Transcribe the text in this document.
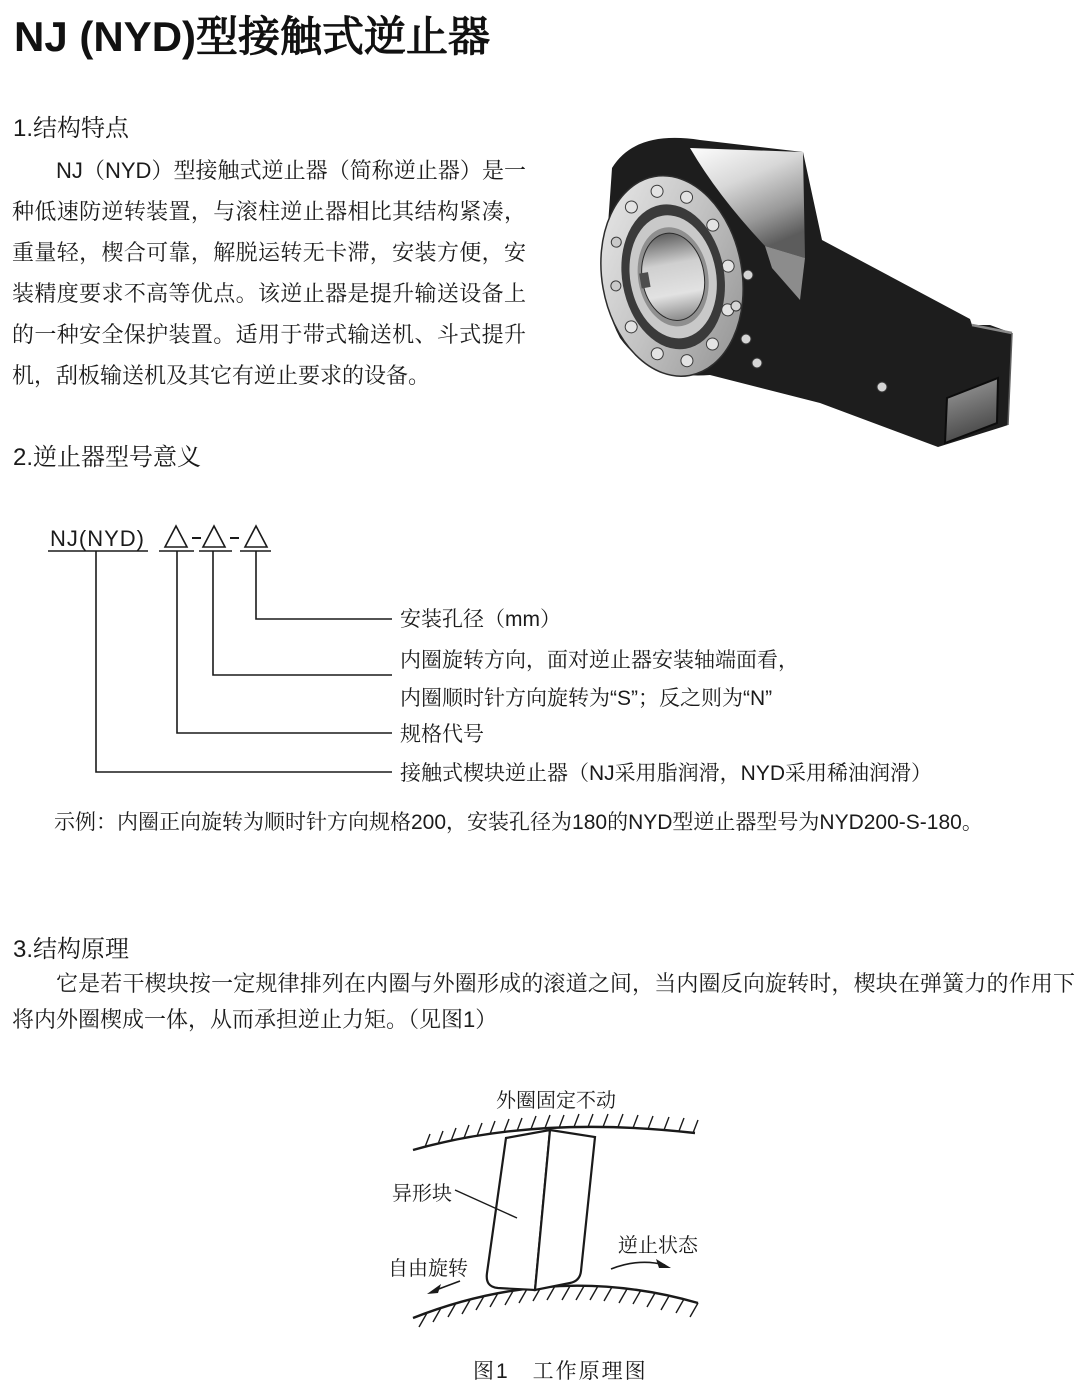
NJ (NYD)型接触式逆止器
1.结构特点

NJ（NYD）型接触式逆止器（简称逆止器）是一种低速防逆转装置，与滚柱逆止器相比其结构紧凑，重量轻，楔合可靠，解脱运转无卡滞，安装方便，安装精度要求不高等优点。该逆止器是提升输送设备上的一种安全保护装置。适用于带式输送机、斗式提升机，刮板输送机及其它有逆止要求的设备。

2.逆止器型号意义
NJ(NYD)
安装孔径（mm）
内圈旋转方向，面对逆止器安装轴端面看，
内圈顺时针方向旋转为“S”；反之则为“N”
规格代号
接触式楔块逆止器（NJ采用脂润滑，NYD采用稀油润滑）

示例：内圈正向旋转为顺时针方向规格200，安装孔径为180的NYD型逆止器型号为NYD200-S-180。

3.结构原理

它是若干楔块按一定规律排列在内圈与外圈形成的滚道之间，当内圈反向旋转时，楔块在弹簧力的作用下将内外圈楔成一体，从而承担逆止力矩。（见图1）

外圈固定不动
异形块
自由旋转
逆止状态
图1　工作原理图
